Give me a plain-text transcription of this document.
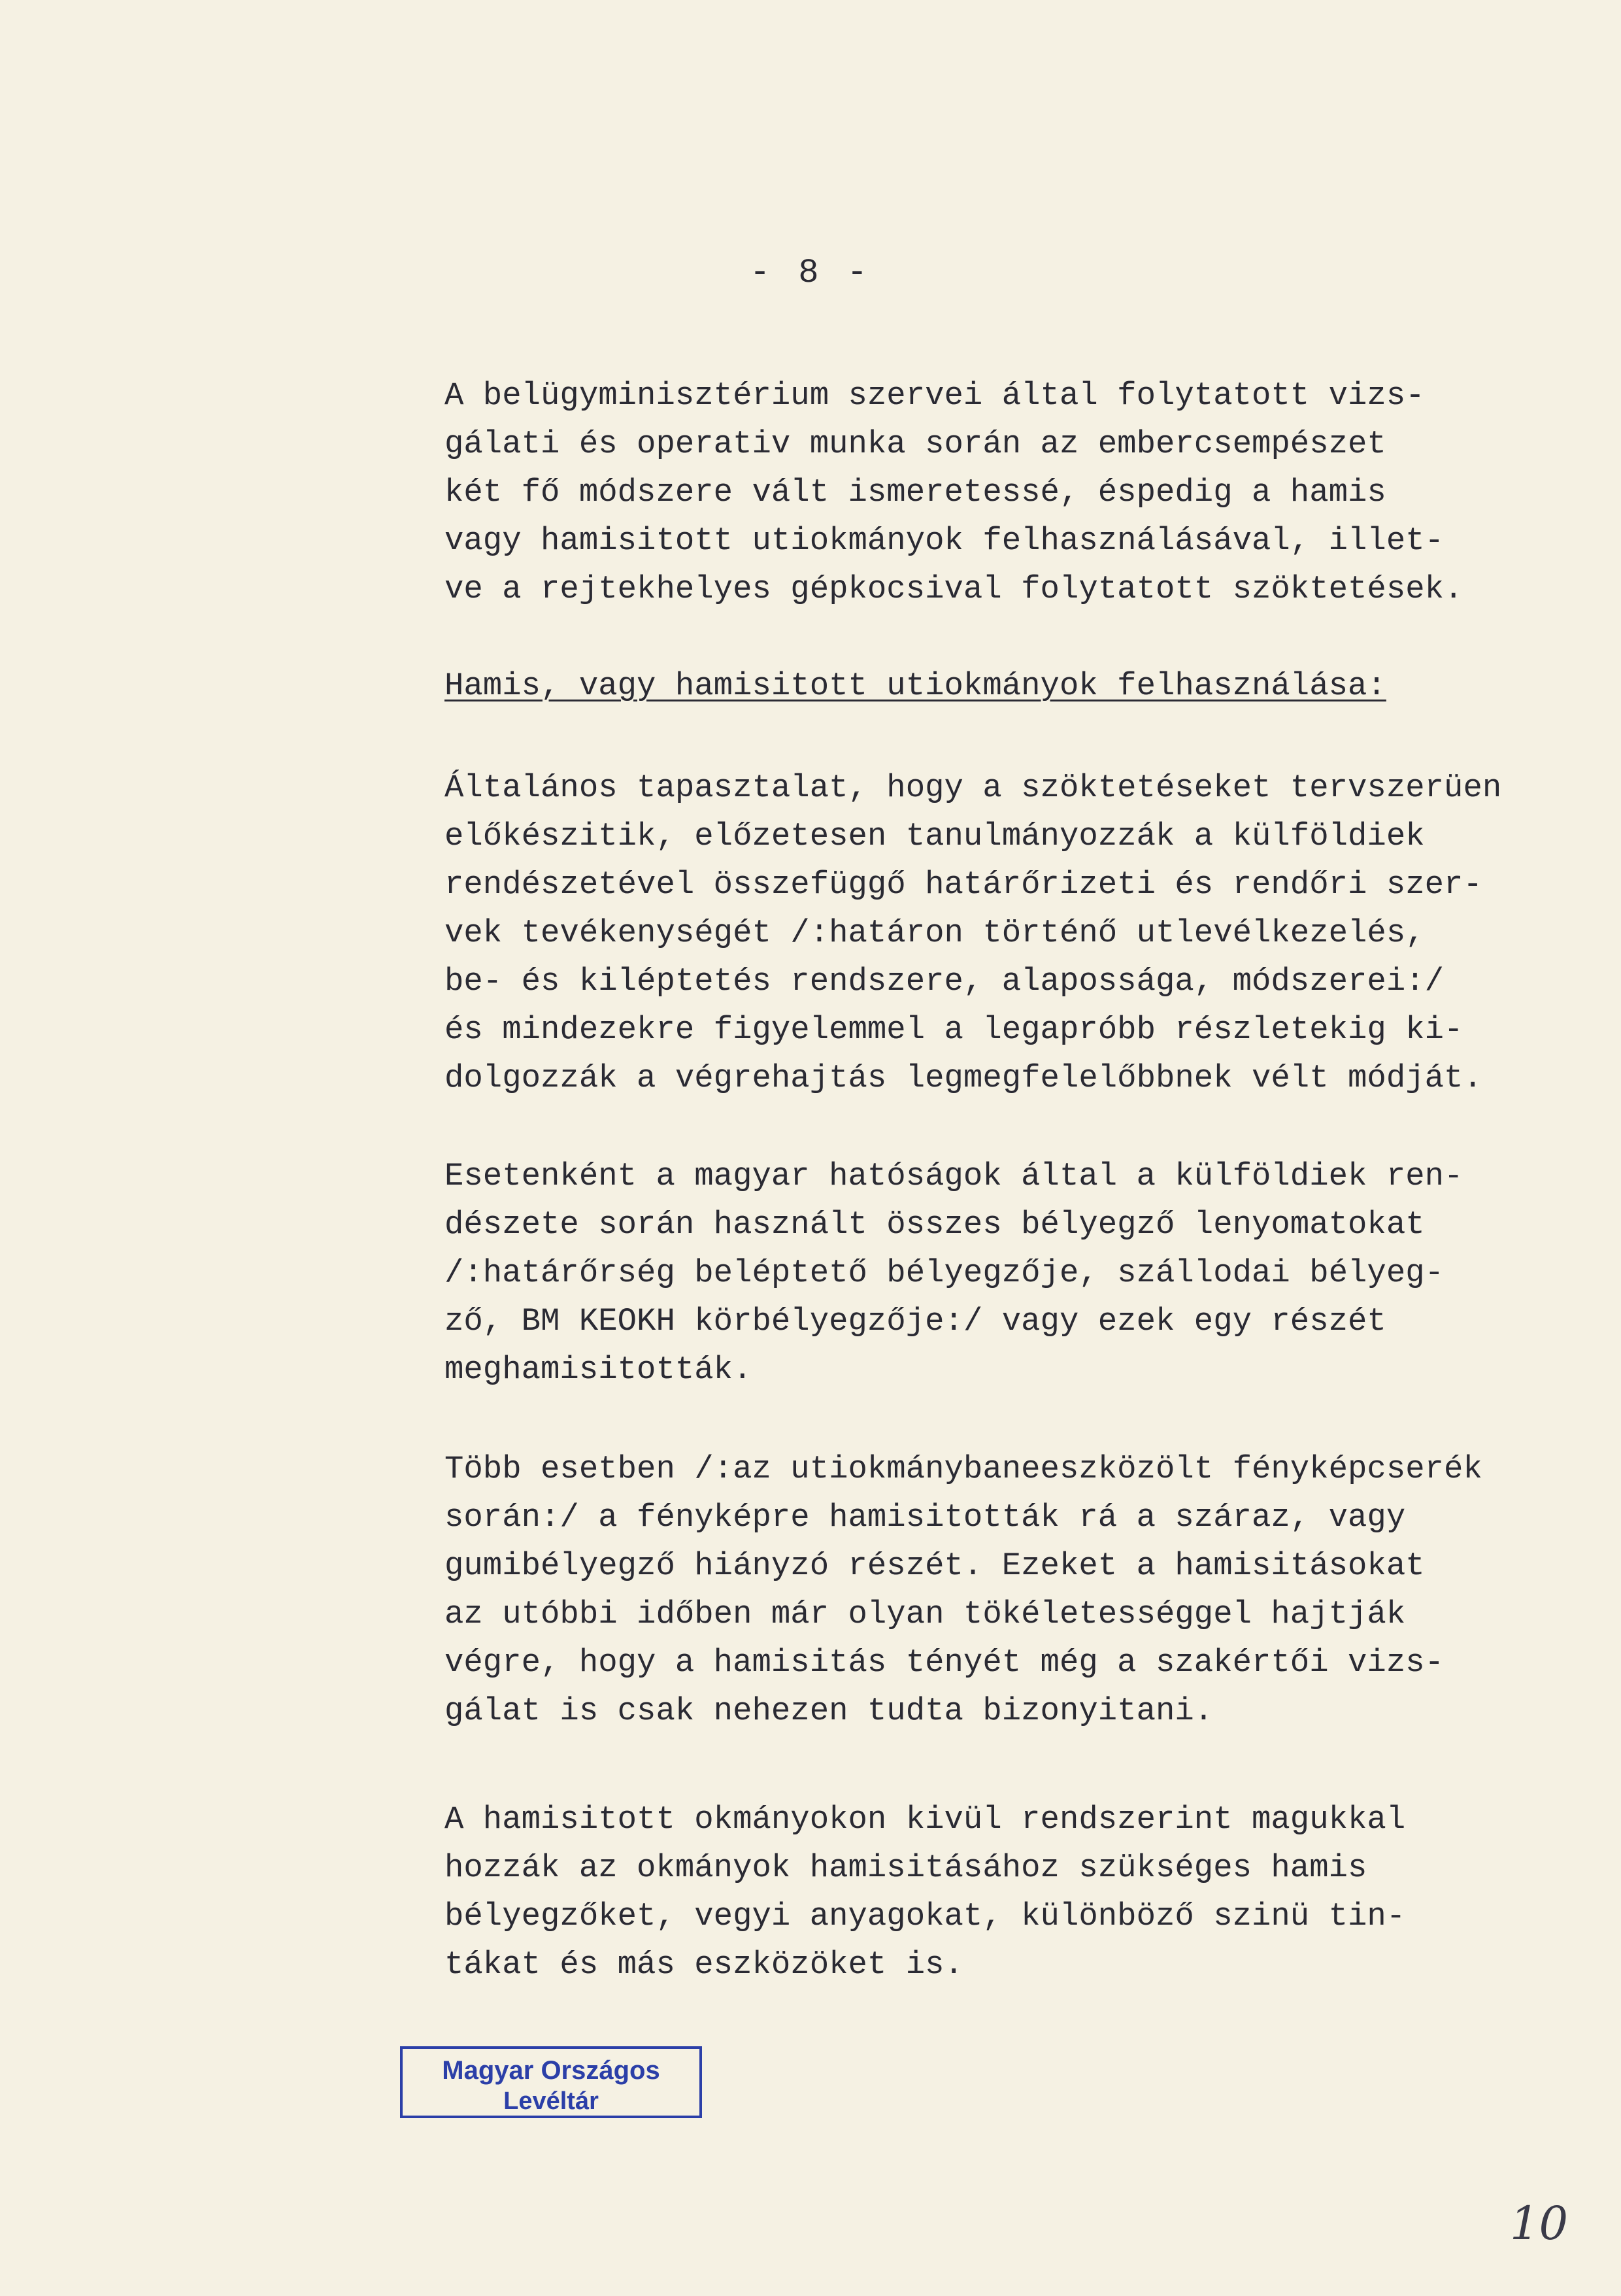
- 8 -
A belügyminisztérium szervei által folytatott vizs-
gálati és operativ munka során az embercsempészet
két fő módszere vált ismeretessé, éspedig a hamis
vagy hamisitott utiokmányok felhasználásával, illet-
ve a rejtekhelyes gépkocsival folytatott szöktetések.
Hamis, vagy hamisitott utiokmányok felhasználása:
Általános tapasztalat, hogy a szöktetéseket tervszerüen
előkészitik, előzetesen tanulmányozzák a külföldiek
rendészetével összefüggő határőrizeti és rendőri szer-
vek tevékenységét /:határon történő utlevélkezelés,
be- és kiléptetés rendszere, alapossága, módszerei:/
és mindezekre figyelemmel a legapróbb részletekig ki-
dolgozzák a végrehajtás legmegfelelőbbnek vélt módját.
Esetenként a magyar hatóságok által a külföldiek ren-
dészete során használt összes bélyegző lenyomatokat
/:határőrség beléptető bélyegzője, szállodai bélyeg-
ző, BM KEOKH körbélyegzője:/ vagy ezek egy részét
meghamisitották.
Több esetben /:az utiokmánybaneeszközölt fényképcserék
során:/ a fényképre hamisitották rá a száraz, vagy
gumibélyegző hiányzó részét. Ezeket a hamisitásokat
az utóbbi időben már olyan tökéletességgel hajtják
végre, hogy a hamisitás tényét még a szakértői vizs-
gálat is csak nehezen tudta bizonyitani.
A hamisitott okmányokon kivül rendszerint magukkal
hozzák az okmányok hamisitásához szükséges hamis
bélyegzőket, vegyi anyagokat, különböző szinü tin-
tákat és más eszközöket is.
Magyar Országos
Levéltár
10
